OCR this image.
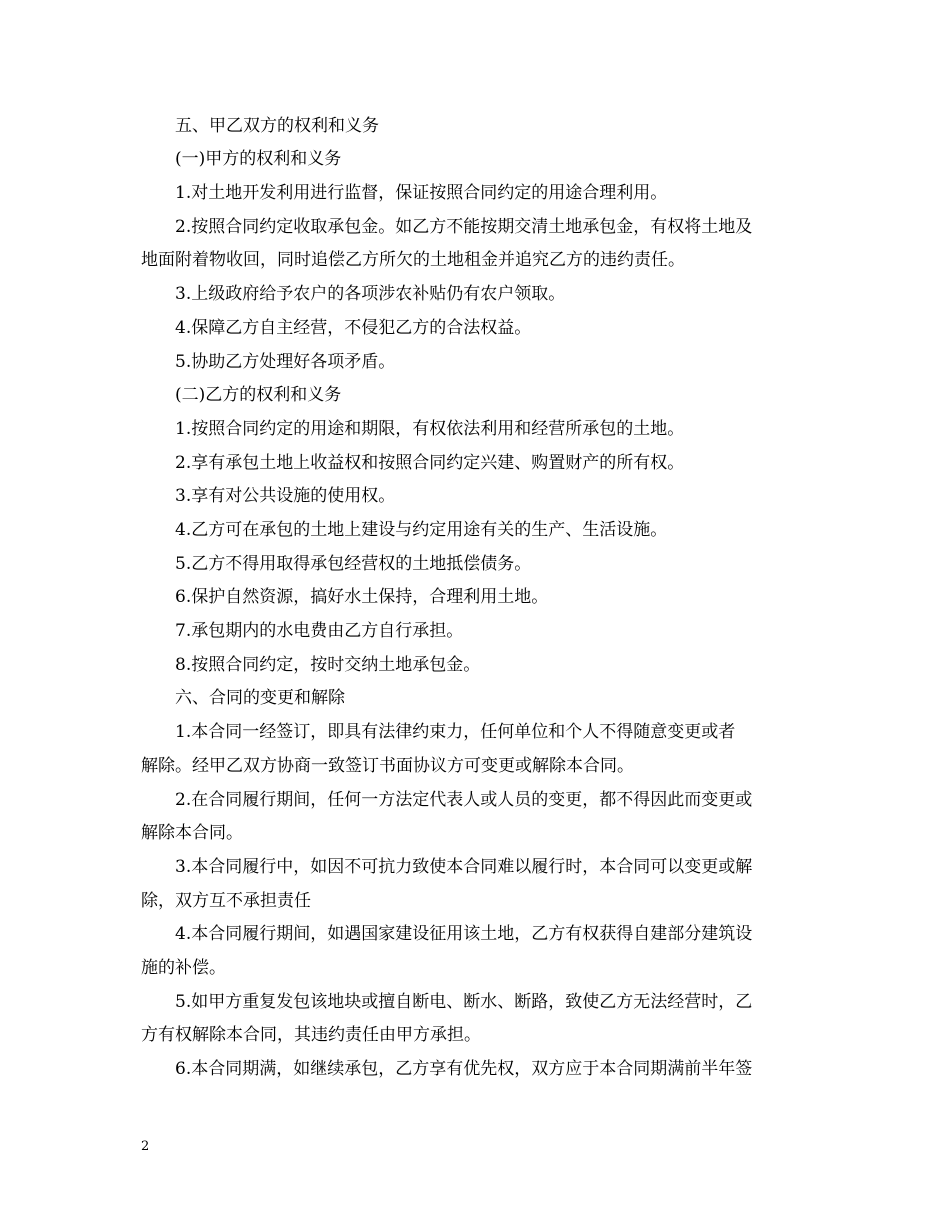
五、甲乙双方的权利和义务
(一)甲方的权利和义务
1.对土地开发利用进行监督，保证按照合同约定的用途合理利用。
2.按照合同约定收取承包金。如乙方不能按期交清土地承包金，有权将土地及
地面附着物收回，同时追偿乙方所欠的土地租金并追究乙方的违约责任。
3.上级政府给予农户的各项涉农补贴仍有农户领取。
4.保障乙方自主经营，不侵犯乙方的合法权益。
5.协助乙方处理好各项矛盾。
(二)乙方的权利和义务
1.按照合同约定的用途和期限，有权依法利用和经营所承包的土地。
2.享有承包土地上收益权和按照合同约定兴建、购置财产的所有权。
3.享有对公共设施的使用权。
4.乙方可在承包的土地上建设与约定用途有关的生产、生活设施。
5.乙方不得用取得承包经营权的土地抵偿债务。
6.保护自然资源，搞好水土保持，合理利用土地。
7.承包期内的水电费由乙方自行承担。
8.按照合同约定，按时交纳土地承包金。
六、合同的变更和解除
1.本合同一经签订，即具有法律约束力，任何单位和个人不得随意变更或者
解除。经甲乙双方协商一致签订书面协议方可变更或解除本合同。
2.在合同履行期间，任何一方法定代表人或人员的变更，都不得因此而变更或
解除本合同。
3.本合同履行中，如因不可抗力致使本合同难以履行时，本合同可以变更或解
除，双方互不承担责任
4.本合同履行期间，如遇国家建设征用该土地，乙方有权获得自建部分建筑设
施的补偿。
5.如甲方重复发包该地块或擅自断电、断水、断路，致使乙方无法经营时，乙
方有权解除本合同，其违约责任由甲方承担。
6.本合同期满，如继续承包，乙方享有优先权，双方应于本合同期满前半年签
2
